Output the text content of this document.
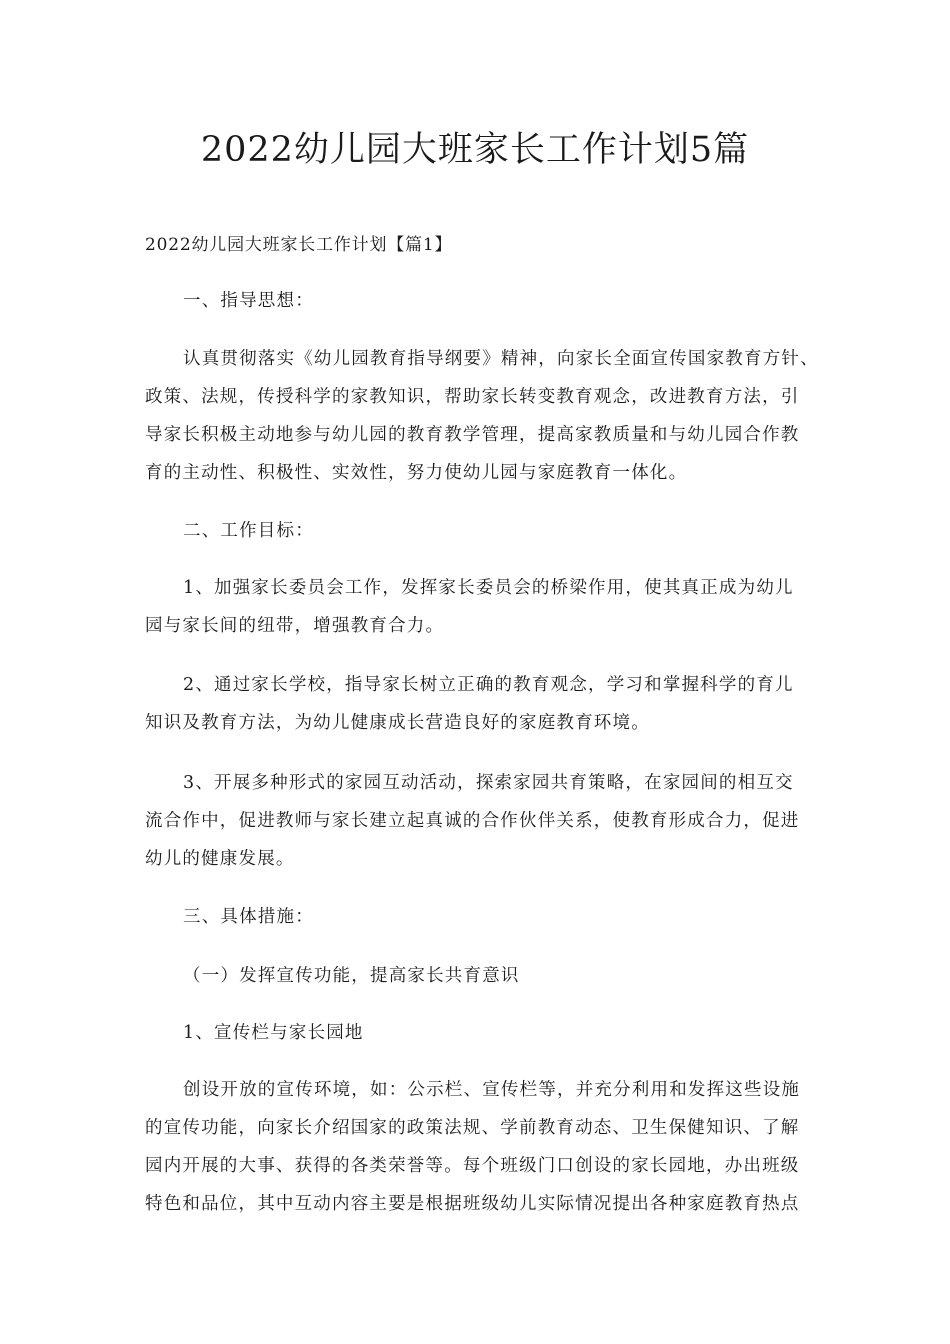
2022幼儿园大班家长工作计划5篇

2022幼儿园大班家长工作计划【篇1】

一、指导思想：

认真贯彻落实《幼儿园教育指导纲要》精神，向家长全面宣传国家教育方针、
政策、法规，传授科学的家教知识，帮助家长转变教育观念，改进教育方法，引
导家长积极主动地参与幼儿园的教育教学管理，提高家教质量和与幼儿园合作教
育的主动性、积极性、实效性，努力使幼儿园与家庭教育一体化。

二、工作目标：

1、加强家长委员会工作，发挥家长委员会的桥梁作用，使其真正成为幼儿
园与家长间的纽带，增强教育合力。

2、通过家长学校，指导家长树立正确的教育观念，学习和掌握科学的育儿
知识及教育方法，为幼儿健康成长营造良好的家庭教育环境。

3、开展多种形式的家园互动活动，探索家园共育策略，在家园间的相互交
流合作中，促进教师与家长建立起真诚的合作伙伴关系，使教育形成合力，促进
幼儿的健康发展。

三、具体措施：

（一）发挥宣传功能，提高家长共育意识

1、宣传栏与家长园地

创设开放的宣传环境，如：公示栏、宣传栏等，并充分利用和发挥这些设施
的宣传功能，向家长介绍国家的政策法规、学前教育动态、卫生保健知识、了解
园内开展的大事、获得的各类荣誉等。每个班级门口创设的家长园地，办出班级
特色和品位，其中互动内容主要是根据班级幼儿实际情况提出各种家庭教育热点
